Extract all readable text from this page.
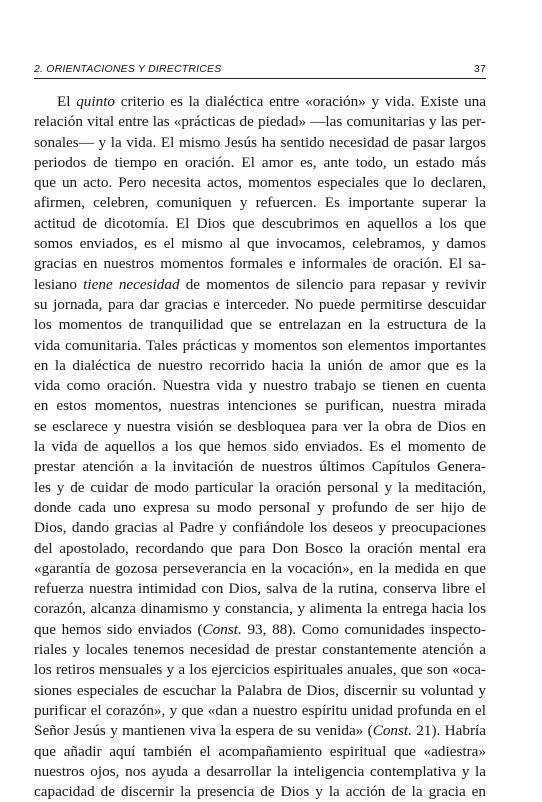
2. ORIENTACIONES Y DIRECTRICES	37
El quinto criterio es la dialéctica entre «oración» y vida. Existe una
relación vital entre las «prácticas de piedad» —las comunitarias y las per-
sonales— y la vida. El mismo Jesús ha sentido necesidad de pasar largos
periodos de tiempo en oración. El amor es, ante todo, un estado más
que un acto. Pero necesita actos, momentos especiales que lo declaren,
afirmen, celebren, comuniquen y refuercen. Es importante superar la
actitud de dicotomía. El Dios que descubrimos en aquellos a los que
somos enviados, es el mismo al que invocamos, celebramos, y damos
gracias en nuestros momentos formales e informales de oración. El sa-
lesiano tiene necesidad de momentos de silencio para repasar y revivir
su jornada, para dar gracias e interceder. No puede permitirse descuidar
los momentos de tranquilidad que se entrelazan en la estructura de la
vida comunitaria. Tales prácticas y momentos son elementos importantes
en la dialéctica de nuestro recorrido hacia la unión de amor que es la
vida como oración. Nuestra vida y nuestro trabajo se tienen en cuenta
en estos momentos, nuestras intenciones se purifican, nuestra mirada
se esclarece y nuestra visión se desbloquea para ver la obra de Dios en
la vida de aquellos a los que hemos sido enviados. Es el momento de
prestar atención a la invitación de nuestros últimos Capítulos Genera-
les y de cuidar de modo particular la oración personal y la meditación,
donde cada uno expresa su modo personal y profundo de ser hijo de
Dios, dando gracias al Padre y confiándole los deseos y preocupaciones
del apostolado, recordando que para Don Bosco la oración mental era
«garantía de gozosa perseverancia en la vocación», en la medida en que
refuerza nuestra intimidad con Dios, salva de la rutina, conserva libre el
corazón, alcanza dinamismo y constancia, y alimenta la entrega hacia los
que hemos sido enviados (Const. 93, 88). Como comunidades inspecto-
riales y locales tenemos necesidad de prestar constantemente atención a
los retiros mensuales y a los ejercicios espirituales anuales, que son «oca-
siones especiales de escuchar la Palabra de Dios, discernir su voluntad y
purificar el corazón», y que «dan a nuestro espíritu unidad profunda en el
Señor Jesús y mantienen viva la espera de su venida» (Const. 21). Habría
que añadir aquí también el acompañamiento espiritual que «adiestra»
nuestros ojos, nos ayuda a desarrollar la inteligencia contemplativa y la
capacidad de discernir la presencia de Dios y la acción de la gracia en
